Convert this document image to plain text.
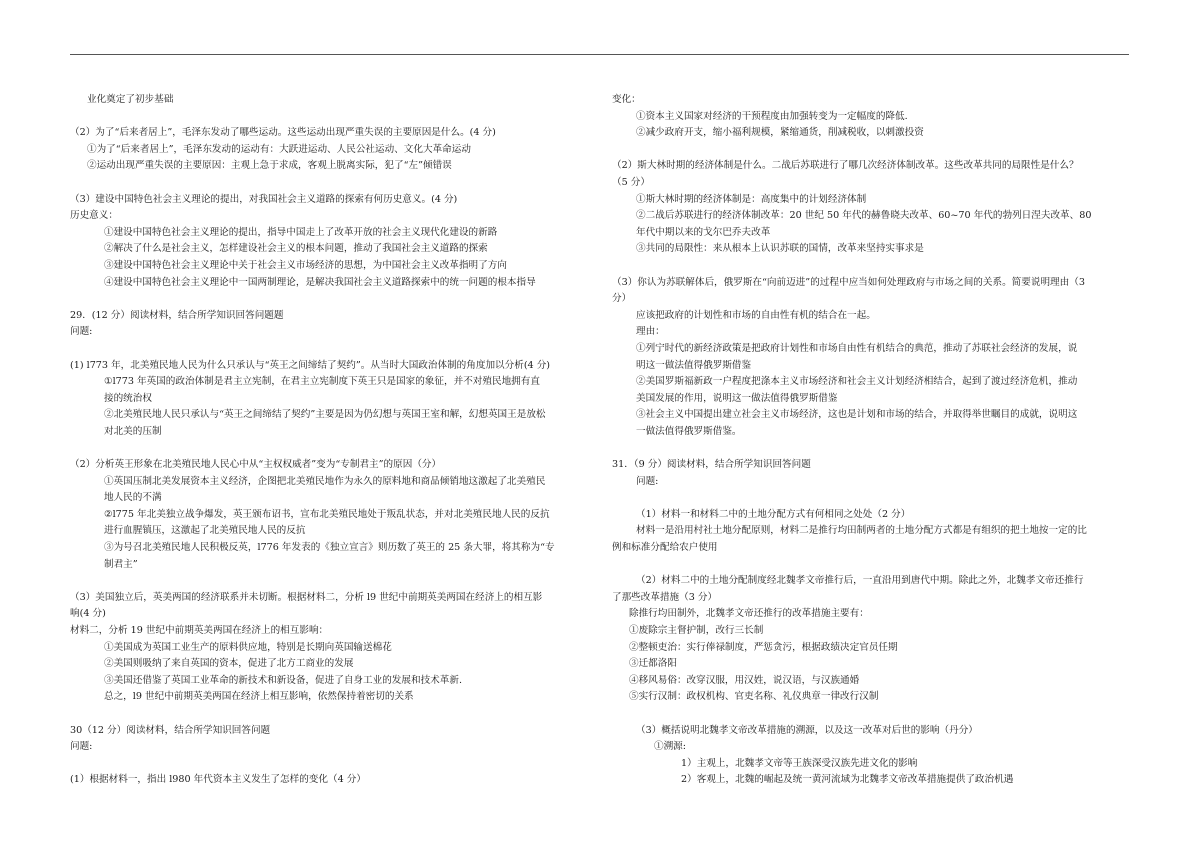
业化奠定了初步基础
（2）为了“后来者居上”，毛泽东发动了哪些运动。这些运动出现严重失误的主要原因是什么。(4 分)
①为了“后来者居上”，毛泽东发动的运动有：大跃进运动、人民公社运动、文化大革命运动
②运动出现严重失误的主要原因：主观上急于求成，客观上脱离实际，犯了“左”倾错误
（3）建设中国特色社会主义理论的提出，对我国社会主义道路的探索有何历史意义。(4 分)
历史意义：
①建设中国特色社会主义理论的提出，指导中国走上了改革开放的社会主义现代化建设的新路
②解决了什么是社会主义，怎样建设社会主义的根本问题，推动了我国社会主义道路的探索
③建设中国特色社会主义理论中关于社会主义市场经济的思想，为中国社会主义改革指明了方向
④建设中国特色社会主义理论中一国两制理论，是解决我国社会主义道路探索中的统一问题的根本指导
29．(12 分）阅读材料，结合所学知识回答问题题
问题:
(1) l773 年，北美殖民地人民为什么只承认与“英王之间缔结了契约”。从当时大国政治体制的角度加以分析(4 分)
①l773 年英国的政治体制是君主立宪制，在君主立宪制度下英王只是国家的象征，并不对殖民地拥有直
接的统治权
②北美殖民地人民只承认与“英王之间缔结了契约”主要是因为仍幻想与英国王室和解，幻想英国王是放松
对北美的压制
（2）分析英王形象在北美殖民地人民心中从“主权权威者”变为“专制君主”的原因（分）
①英国压制北美发展资本主义经济，企图把北美殖民地作为永久的原料地和商品倾销地这激起了北美殖民
地人民的不满
②l775 年北美独立战争爆发，英王颁布诏书，宣布北美殖民地处于叛乱状态，并对北美殖民地人民的反抗
进行血腥镇压，这激起了北美殖民地人民的反抗
③为号召北美殖民地人民积极反英，l776 年发表的《独立宣言》则历数了英王的 25 条大罪，将其称为“专
制君主”
（3）美国独立后，英美两国的经济联系并未切断。根据材料二，分析 l9 世纪中前期英美两国在经济上的相互影
响(4 分)
材料二，分析 19 世纪中前期英美两国在经济上的相互影响：
①美国成为英国工业生产的原料供应地，特别是长期向英国输送棉花
②美国则吸纳了来自英国的资本，促进了北方工商业的发展
③美国还借鉴了英国工业革命的新技术和新设备，促进了自身工业的发展和技术革新.
总之，l9 世纪中前期英美两国在经济上相互影响，依然保持着密切的关系
30（12 分）阅读材料，结合所学知识回答问题
问题:
(1）根据材料一，指出 l980 年代资本主义发生了怎样的变化（4 分）
变化：
①资本主义国家对经济的干预程度由加强转变为一定幅度的降低.
②减少政府开支，缩小福利规模，紧缩通货，削减税收，以刺激投资
（2）斯大林时期的经济体制是什么。二战后苏联进行了哪几次经济体制改革。这些改革共同的局限性是什么？
（5 分）
①斯大林时期的经济体制是：高度集中的计划经济体制
②二战后苏联进行的经济体制改革：20 世纪 50 年代的赫鲁晓夫改革、60~70 年代的勃列日涅夫改革、80
年代中期以来的戈尔巴乔夫改革
③共同的局限性：来从根本上认识苏联的国情，改革来坚持实事求是
（3）你认为苏联解体后，俄罗斯在“向前迈进”的过程中应当如何处理政府与市场之间的关系。简要说明理由（3
分）
应该把政府的计划性和市场的自由性有机的结合在一起。
理由：
①列宁时代的新经济政策是把政府计划性和市场自由性有机结合的典范，推动了苏联社会经济的发展，说
明这一做法值得俄罗斯借鉴
②美国罗斯福新政一户程度把涤本主义市场经济和社会主义计划经济相结合，起到了渡过经济危机，推动
美国发展的作用，说明这一做法值得俄罗斯借鉴
③社会主义中国提出建立社会主义市场经济，这也是计划和市场的结合，并取得举世瞩目的成就，说明这
一做法值得俄罗斯借鉴。
31．（9 分）阅读材料，结合所学知识回答问题
问题:
（1）材料一和材料二中的土地分配方式有何相同之处处（2 分）
材料一是沿用村社土地分配原则，材料二是推行均田制两者的土地分配方式都是有组织的把土地按一定的比
例和标准分配给农户使用
（2）材料二中的土地分配制度经北魏孝文帝推行后，一直沿用到唐代中期。除此之外，北魏孝文帝还推行
了那些改革措施（3 分）
除推行均田制外，北魏孝文帝还推行的改革措施主要有：
①废除宗主督护制，改行三长制
②整顿吏治：实行俸禄制度，严惩贪污，根据政绩决定官员任期
③迁都洛阳
④移风易俗：改穿汉服，用汉姓，说汉语，与汉族通婚
⑤实行汉制：政权机构、官吏名称、礼仪典章一律改行汉制
（3）概括说明北魏孝文帝改革措施的溯源，以及这一改革对后世的影响（丹分）
①溯源:
1）主观上，北魏孝文帝等王族深受汉族先进文化的影响
2）客观上，北魏的崛起及统一黄河流域为北魏孝文帝改革措施提供了政治机遇
